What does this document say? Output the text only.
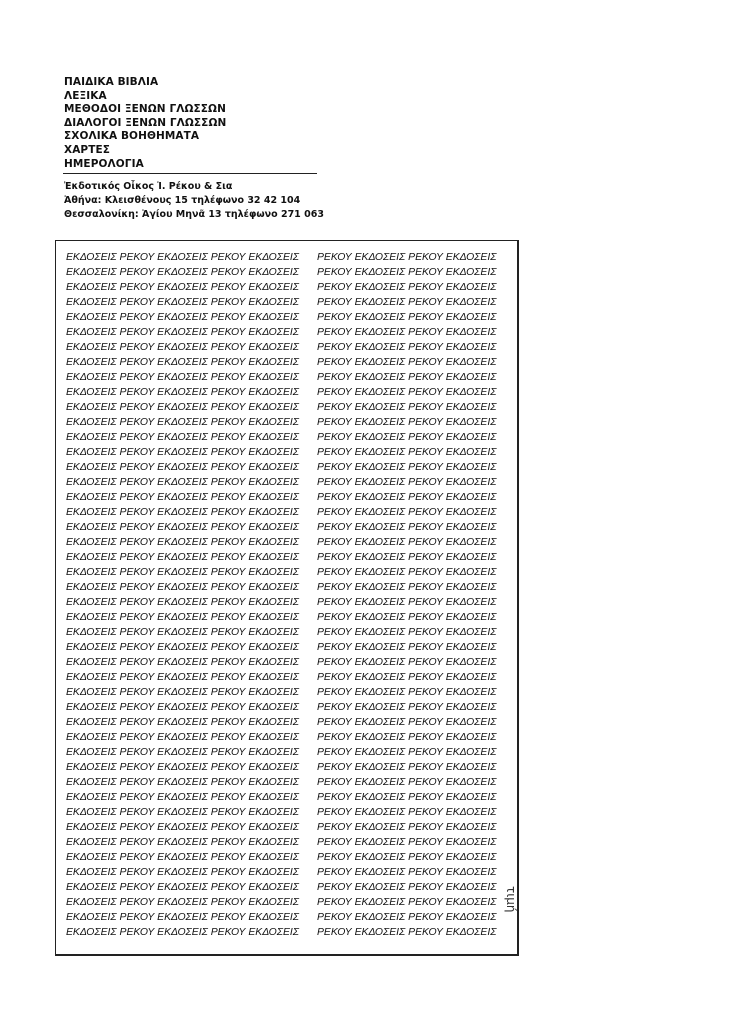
ΠΑΙΔΙΚΑ ΒΙΒΛΙΑ
ΛΕΞΙΚΑ
ΜΕΘΟΔΟΙ ΞΕΝΩΝ ΓΛΩΣΣΩΝ
ΔΙΑΛΟΓΟΙ ΞΕΝΩΝ ΓΛΩΣΣΩΝ
ΣΧΟΛΙΚΑ ΒΟΗΘΗΜΑΤΑ
ΧΑΡΤΕΣ
ΗΜΕΡΟΛΟΓΙΑ
Ἐκδοτικός Οἶκος Ἰ. Ρέκου & Σια
Ἀθήνα: Κλεισθένους 15 τηλέφωνο 32 42 104
Θεσσαλονίκη: Ἁγίου Μηνᾶ 13 τηλέφωνο 271 063
ΕΚΔΟΣΕΙΣ ΡΕΚΟΥ ΕΚΔΟΣΕΙΣ ΡΕΚΟΥ ΕΚΔΟΣΕΙΣ	ΡΕΚΟΥ ΕΚΔΟΣΕΙΣ ΡΕΚΟΥ ΕΚΔΟΣΕΙΣ
ΕΚΔΟΣΕΙΣ ΡΕΚΟΥ ΕΚΔΟΣΕΙΣ ΡΕΚΟΥ ΕΚΔΟΣΕΙΣ	ΡΕΚΟΥ ΕΚΔΟΣΕΙΣ ΡΕΚΟΥ ΕΚΔΟΣΕΙΣ
ΕΚΔΟΣΕΙΣ ΡΕΚΟΥ ΕΚΔΟΣΕΙΣ ΡΕΚΟΥ ΕΚΔΟΣΕΙΣ	ΡΕΚΟΥ ΕΚΔΟΣΕΙΣ ΡΕΚΟΥ ΕΚΔΟΣΕΙΣ
ΕΚΔΟΣΕΙΣ ΡΕΚΟΥ ΕΚΔΟΣΕΙΣ ΡΕΚΟΥ ΕΚΔΟΣΕΙΣ	ΡΕΚΟΥ ΕΚΔΟΣΕΙΣ ΡΕΚΟΥ ΕΚΔΟΣΕΙΣ
ΕΚΔΟΣΕΙΣ ΡΕΚΟΥ ΕΚΔΟΣΕΙΣ ΡΕΚΟΥ ΕΚΔΟΣΕΙΣ	ΡΕΚΟΥ ΕΚΔΟΣΕΙΣ ΡΕΚΟΥ ΕΚΔΟΣΕΙΣ
ΕΚΔΟΣΕΙΣ ΡΕΚΟΥ ΕΚΔΟΣΕΙΣ ΡΕΚΟΥ ΕΚΔΟΣΕΙΣ	ΡΕΚΟΥ ΕΚΔΟΣΕΙΣ ΡΕΚΟΥ ΕΚΔΟΣΕΙΣ
ΕΚΔΟΣΕΙΣ ΡΕΚΟΥ ΕΚΔΟΣΕΙΣ ΡΕΚΟΥ ΕΚΔΟΣΕΙΣ	ΡΕΚΟΥ ΕΚΔΟΣΕΙΣ ΡΕΚΟΥ ΕΚΔΟΣΕΙΣ
ΕΚΔΟΣΕΙΣ ΡΕΚΟΥ ΕΚΔΟΣΕΙΣ ΡΕΚΟΥ ΕΚΔΟΣΕΙΣ	ΡΕΚΟΥ ΕΚΔΟΣΕΙΣ ΡΕΚΟΥ ΕΚΔΟΣΕΙΣ
ΕΚΔΟΣΕΙΣ ΡΕΚΟΥ ΕΚΔΟΣΕΙΣ ΡΕΚΟΥ ΕΚΔΟΣΕΙΣ	ΡΕΚΟΥ ΕΚΔΟΣΕΙΣ ΡΕΚΟΥ ΕΚΔΟΣΕΙΣ
ΕΚΔΟΣΕΙΣ ΡΕΚΟΥ ΕΚΔΟΣΕΙΣ ΡΕΚΟΥ ΕΚΔΟΣΕΙΣ	ΡΕΚΟΥ ΕΚΔΟΣΕΙΣ ΡΕΚΟΥ ΕΚΔΟΣΕΙΣ
ΕΚΔΟΣΕΙΣ ΡΕΚΟΥ ΕΚΔΟΣΕΙΣ ΡΕΚΟΥ ΕΚΔΟΣΕΙΣ	ΡΕΚΟΥ ΕΚΔΟΣΕΙΣ ΡΕΚΟΥ ΕΚΔΟΣΕΙΣ
ΕΚΔΟΣΕΙΣ ΡΕΚΟΥ ΕΚΔΟΣΕΙΣ ΡΕΚΟΥ ΕΚΔΟΣΕΙΣ	ΡΕΚΟΥ ΕΚΔΟΣΕΙΣ ΡΕΚΟΥ ΕΚΔΟΣΕΙΣ
ΕΚΔΟΣΕΙΣ ΡΕΚΟΥ ΕΚΔΟΣΕΙΣ ΡΕΚΟΥ ΕΚΔΟΣΕΙΣ	ΡΕΚΟΥ ΕΚΔΟΣΕΙΣ ΡΕΚΟΥ ΕΚΔΟΣΕΙΣ
ΕΚΔΟΣΕΙΣ ΡΕΚΟΥ ΕΚΔΟΣΕΙΣ ΡΕΚΟΥ ΕΚΔΟΣΕΙΣ	ΡΕΚΟΥ ΕΚΔΟΣΕΙΣ ΡΕΚΟΥ ΕΚΔΟΣΕΙΣ
ΕΚΔΟΣΕΙΣ ΡΕΚΟΥ ΕΚΔΟΣΕΙΣ ΡΕΚΟΥ ΕΚΔΟΣΕΙΣ	ΡΕΚΟΥ ΕΚΔΟΣΕΙΣ ΡΕΚΟΥ ΕΚΔΟΣΕΙΣ
ΕΚΔΟΣΕΙΣ ΡΕΚΟΥ ΕΚΔΟΣΕΙΣ ΡΕΚΟΥ ΕΚΔΟΣΕΙΣ	ΡΕΚΟΥ ΕΚΔΟΣΕΙΣ ΡΕΚΟΥ ΕΚΔΟΣΕΙΣ
ΕΚΔΟΣΕΙΣ ΡΕΚΟΥ ΕΚΔΟΣΕΙΣ ΡΕΚΟΥ ΕΚΔΟΣΕΙΣ	ΡΕΚΟΥ ΕΚΔΟΣΕΙΣ ΡΕΚΟΥ ΕΚΔΟΣΕΙΣ
ΕΚΔΟΣΕΙΣ ΡΕΚΟΥ ΕΚΔΟΣΕΙΣ ΡΕΚΟΥ ΕΚΔΟΣΕΙΣ	ΡΕΚΟΥ ΕΚΔΟΣΕΙΣ ΡΕΚΟΥ ΕΚΔΟΣΕΙΣ
ΕΚΔΟΣΕΙΣ ΡΕΚΟΥ ΕΚΔΟΣΕΙΣ ΡΕΚΟΥ ΕΚΔΟΣΕΙΣ	ΡΕΚΟΥ ΕΚΔΟΣΕΙΣ ΡΕΚΟΥ ΕΚΔΟΣΕΙΣ
ΕΚΔΟΣΕΙΣ ΡΕΚΟΥ ΕΚΔΟΣΕΙΣ ΡΕΚΟΥ ΕΚΔΟΣΕΙΣ	ΡΕΚΟΥ ΕΚΔΟΣΕΙΣ ΡΕΚΟΥ ΕΚΔΟΣΕΙΣ
ΕΚΔΟΣΕΙΣ ΡΕΚΟΥ ΕΚΔΟΣΕΙΣ ΡΕΚΟΥ ΕΚΔΟΣΕΙΣ	ΡΕΚΟΥ ΕΚΔΟΣΕΙΣ ΡΕΚΟΥ ΕΚΔΟΣΕΙΣ
ΕΚΔΟΣΕΙΣ ΡΕΚΟΥ ΕΚΔΟΣΕΙΣ ΡΕΚΟΥ ΕΚΔΟΣΕΙΣ	ΡΕΚΟΥ ΕΚΔΟΣΕΙΣ ΡΕΚΟΥ ΕΚΔΟΣΕΙΣ
ΕΚΔΟΣΕΙΣ ΡΕΚΟΥ ΕΚΔΟΣΕΙΣ ΡΕΚΟΥ ΕΚΔΟΣΕΙΣ	ΡΕΚΟΥ ΕΚΔΟΣΕΙΣ ΡΕΚΟΥ ΕΚΔΟΣΕΙΣ
ΕΚΔΟΣΕΙΣ ΡΕΚΟΥ ΕΚΔΟΣΕΙΣ ΡΕΚΟΥ ΕΚΔΟΣΕΙΣ	ΡΕΚΟΥ ΕΚΔΟΣΕΙΣ ΡΕΚΟΥ ΕΚΔΟΣΕΙΣ
ΕΚΔΟΣΕΙΣ ΡΕΚΟΥ ΕΚΔΟΣΕΙΣ ΡΕΚΟΥ ΕΚΔΟΣΕΙΣ	ΡΕΚΟΥ ΕΚΔΟΣΕΙΣ ΡΕΚΟΥ ΕΚΔΟΣΕΙΣ
ΕΚΔΟΣΕΙΣ ΡΕΚΟΥ ΕΚΔΟΣΕΙΣ ΡΕΚΟΥ ΕΚΔΟΣΕΙΣ	ΡΕΚΟΥ ΕΚΔΟΣΕΙΣ ΡΕΚΟΥ ΕΚΔΟΣΕΙΣ
ΕΚΔΟΣΕΙΣ ΡΕΚΟΥ ΕΚΔΟΣΕΙΣ ΡΕΚΟΥ ΕΚΔΟΣΕΙΣ	ΡΕΚΟΥ ΕΚΔΟΣΕΙΣ ΡΕΚΟΥ ΕΚΔΟΣΕΙΣ
ΕΚΔΟΣΕΙΣ ΡΕΚΟΥ ΕΚΔΟΣΕΙΣ ΡΕΚΟΥ ΕΚΔΟΣΕΙΣ	ΡΕΚΟΥ ΕΚΔΟΣΕΙΣ ΡΕΚΟΥ ΕΚΔΟΣΕΙΣ
ΕΚΔΟΣΕΙΣ ΡΕΚΟΥ ΕΚΔΟΣΕΙΣ ΡΕΚΟΥ ΕΚΔΟΣΕΙΣ	ΡΕΚΟΥ ΕΚΔΟΣΕΙΣ ΡΕΚΟΥ ΕΚΔΟΣΕΙΣ
ΕΚΔΟΣΕΙΣ ΡΕΚΟΥ ΕΚΔΟΣΕΙΣ ΡΕΚΟΥ ΕΚΔΟΣΕΙΣ	ΡΕΚΟΥ ΕΚΔΟΣΕΙΣ ΡΕΚΟΥ ΕΚΔΟΣΕΙΣ
ΕΚΔΟΣΕΙΣ ΡΕΚΟΥ ΕΚΔΟΣΕΙΣ ΡΕΚΟΥ ΕΚΔΟΣΕΙΣ	ΡΕΚΟΥ ΕΚΔΟΣΕΙΣ ΡΕΚΟΥ ΕΚΔΟΣΕΙΣ
ΕΚΔΟΣΕΙΣ ΡΕΚΟΥ ΕΚΔΟΣΕΙΣ ΡΕΚΟΥ ΕΚΔΟΣΕΙΣ	ΡΕΚΟΥ ΕΚΔΟΣΕΙΣ ΡΕΚΟΥ ΕΚΔΟΣΕΙΣ
ΕΚΔΟΣΕΙΣ ΡΕΚΟΥ ΕΚΔΟΣΕΙΣ ΡΕΚΟΥ ΕΚΔΟΣΕΙΣ	ΡΕΚΟΥ ΕΚΔΟΣΕΙΣ ΡΕΚΟΥ ΕΚΔΟΣΕΙΣ
ΕΚΔΟΣΕΙΣ ΡΕΚΟΥ ΕΚΔΟΣΕΙΣ ΡΕΚΟΥ ΕΚΔΟΣΕΙΣ	ΡΕΚΟΥ ΕΚΔΟΣΕΙΣ ΡΕΚΟΥ ΕΚΔΟΣΕΙΣ
ΕΚΔΟΣΕΙΣ ΡΕΚΟΥ ΕΚΔΟΣΕΙΣ ΡΕΚΟΥ ΕΚΔΟΣΕΙΣ	ΡΕΚΟΥ ΕΚΔΟΣΕΙΣ ΡΕΚΟΥ ΕΚΔΟΣΕΙΣ
ΕΚΔΟΣΕΙΣ ΡΕΚΟΥ ΕΚΔΟΣΕΙΣ ΡΕΚΟΥ ΕΚΔΟΣΕΙΣ	ΡΕΚΟΥ ΕΚΔΟΣΕΙΣ ΡΕΚΟΥ ΕΚΔΟΣΕΙΣ
ΕΚΔΟΣΕΙΣ ΡΕΚΟΥ ΕΚΔΟΣΕΙΣ ΡΕΚΟΥ ΕΚΔΟΣΕΙΣ	ΡΕΚΟΥ ΕΚΔΟΣΕΙΣ ΡΕΚΟΥ ΕΚΔΟΣΕΙΣ
ΕΚΔΟΣΕΙΣ ΡΕΚΟΥ ΕΚΔΟΣΕΙΣ ΡΕΚΟΥ ΕΚΔΟΣΕΙΣ	ΡΕΚΟΥ ΕΚΔΟΣΕΙΣ ΡΕΚΟΥ ΕΚΔΟΣΕΙΣ
ΕΚΔΟΣΕΙΣ ΡΕΚΟΥ ΕΚΔΟΣΕΙΣ ΡΕΚΟΥ ΕΚΔΟΣΕΙΣ	ΡΕΚΟΥ ΕΚΔΟΣΕΙΣ ΡΕΚΟΥ ΕΚΔΟΣΕΙΣ
ΕΚΔΟΣΕΙΣ ΡΕΚΟΥ ΕΚΔΟΣΕΙΣ ΡΕΚΟΥ ΕΚΔΟΣΕΙΣ	ΡΕΚΟΥ ΕΚΔΟΣΕΙΣ ΡΕΚΟΥ ΕΚΔΟΣΕΙΣ
ΕΚΔΟΣΕΙΣ ΡΕΚΟΥ ΕΚΔΟΣΕΙΣ ΡΕΚΟΥ ΕΚΔΟΣΕΙΣ	ΡΕΚΟΥ ΕΚΔΟΣΕΙΣ ΡΕΚΟΥ ΕΚΔΟΣΕΙΣ
ΕΚΔΟΣΕΙΣ ΡΕΚΟΥ ΕΚΔΟΣΕΙΣ ΡΕΚΟΥ ΕΚΔΟΣΕΙΣ	ΡΕΚΟΥ ΕΚΔΟΣΕΙΣ ΡΕΚΟΥ ΕΚΔΟΣΕΙΣ
ΕΚΔΟΣΕΙΣ ΡΕΚΟΥ ΕΚΔΟΣΕΙΣ ΡΕΚΟΥ ΕΚΔΟΣΕΙΣ	ΡΕΚΟΥ ΕΚΔΟΣΕΙΣ ΡΕΚΟΥ ΕΚΔΟΣΕΙΣ
ΕΚΔΟΣΕΙΣ ΡΕΚΟΥ ΕΚΔΟΣΕΙΣ ΡΕΚΟΥ ΕΚΔΟΣΕΙΣ	ΡΕΚΟΥ ΕΚΔΟΣΕΙΣ ΡΕΚΟΥ ΕΚΔΟΣΕΙΣ
ΕΚΔΟΣΕΙΣ ΡΕΚΟΥ ΕΚΔΟΣΕΙΣ ΡΕΚΟΥ ΕΚΔΟΣΕΙΣ	ΡΕΚΟΥ ΕΚΔΟΣΕΙΣ ΡΕΚΟΥ ΕΚΔΟΣΕΙΣ
ΕΚΔΟΣΕΙΣ ΡΕΚΟΥ ΕΚΔΟΣΕΙΣ ΡΕΚΟΥ ΕΚΔΟΣΕΙΣ	ΡΕΚΟΥ ΕΚΔΟΣΕΙΣ ΡΕΚΟΥ ΕΚΔΟΣΕΙΣ
τιμή
